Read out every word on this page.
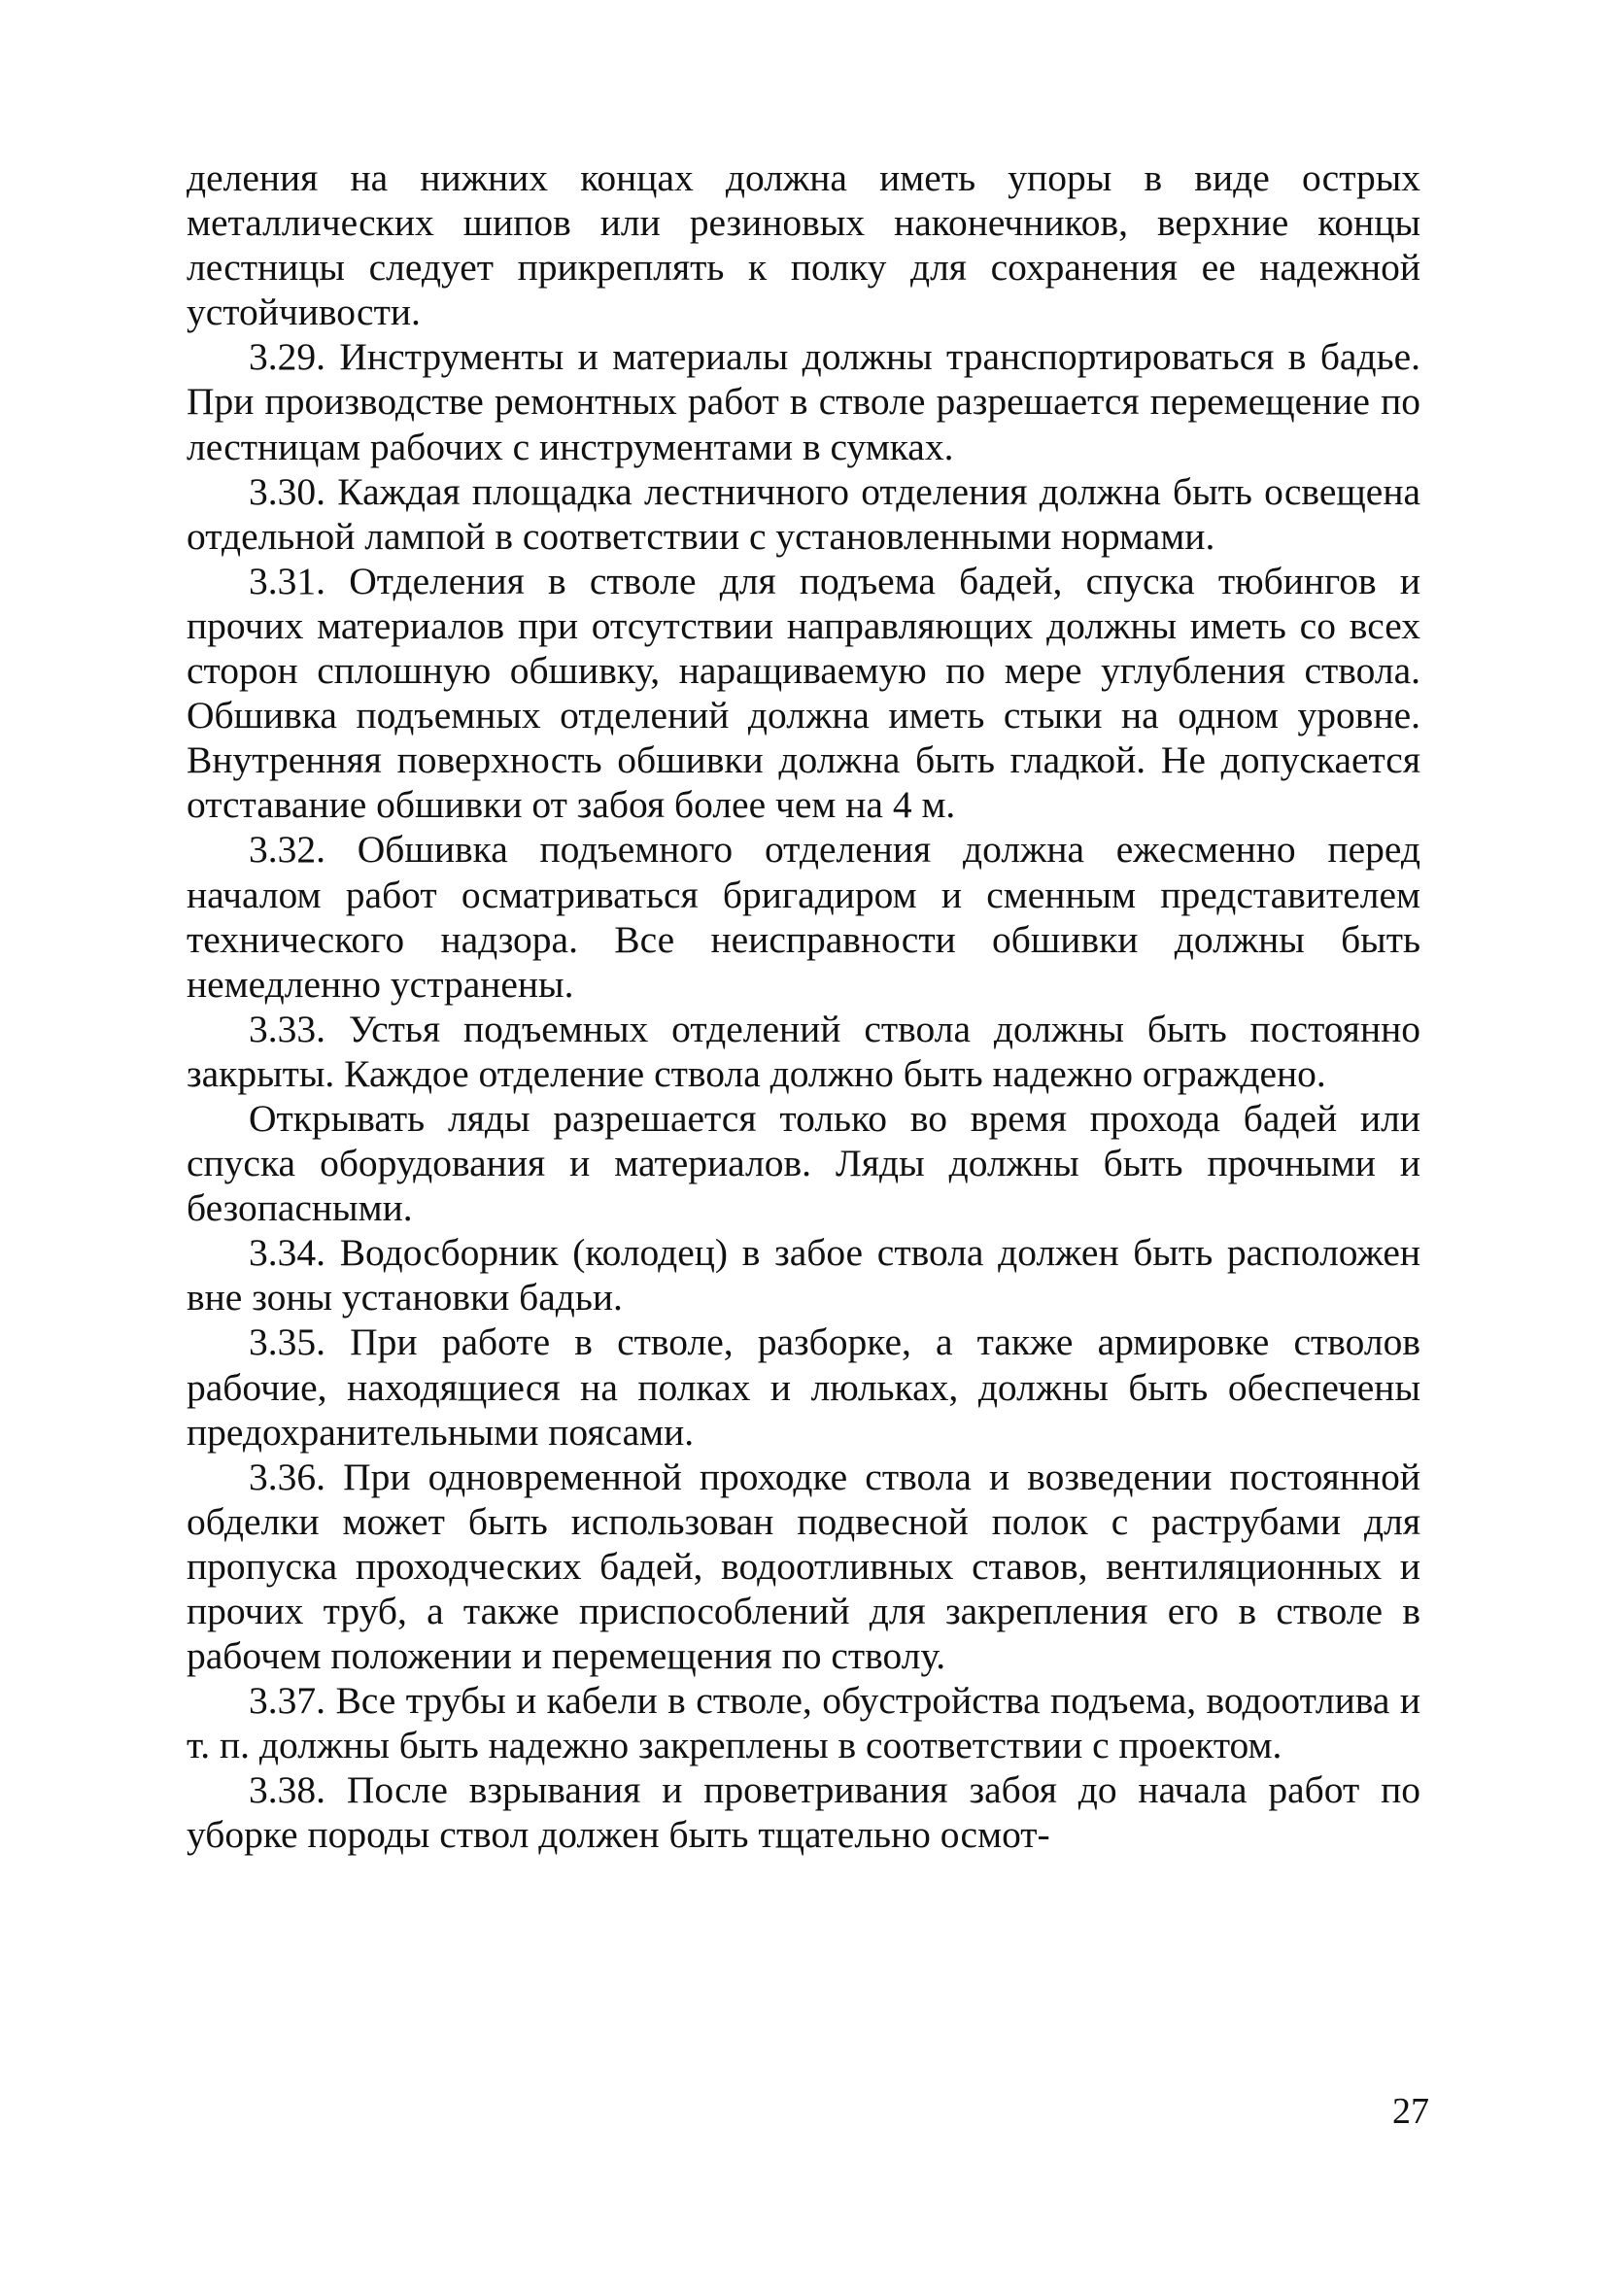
деления на нижних концах должна иметь упоры в виде острых металлических шипов или резиновых наконечников, верхние концы лестницы следует прикреплять к полку для сохранения ее надежной устойчивости.

3.29. Инструменты и материалы должны транспортироваться в бадье. При производстве ремонтных работ в стволе разрешается перемещение по лестницам рабочих с инструментами в сумках.

3.30. Каждая площадка лестничного отделения должна быть освещена отдельной лампой в соответствии с установленными нормами.

3.31. Отделения в стволе для подъема бадей, спуска тюбингов и прочих материалов при отсутствии направляющих должны иметь со всех сторон сплошную обшивку, наращиваемую по мере углубления ствола. Обшивка подъемных отделений должна иметь стыки на одном уровне. Внутренняя поверхность обшивки должна быть гладкой. Не допускается отставание обшивки от забоя более чем на 4 м.

3.32. Обшивка подъемного отделения должна ежесменно перед началом работ осматриваться бригадиром и сменным представителем технического надзора. Все неисправности обшивки должны быть немедленно устранены.

3.33. Устья подъемных отделений ствола должны быть постоянно закрыты. Каждое отделение ствола должно быть надежно ограждено.

Открывать ляды разрешается только во время прохода бадей или спуска оборудования и материалов. Ляды должны быть прочными и безопасными.

3.34. Водосборник (колодец) в забое ствола должен быть расположен вне зоны установки бадьи.

3.35. При работе в стволе, разборке, а также армировке стволов рабочие, находящиеся на полках и люльках, должны быть обеспечены предохранительными поясами.

3.36. При одновременной проходке ствола и возведении постоянной обделки может быть использован подвесной полок с раструбами для пропуска проходческих бадей, водоотливных ставов, вентиляционных и прочих труб, а также приспособлений для закрепления его в стволе в рабочем положении и перемещения по стволу.

3.37. Все трубы и кабели в стволе, обустройства подъема, водоотлива и т. п. должны быть надежно закреплены в соответствии с проектом.

3.38. После взрывания и проветривания забоя до начала работ по уборке породы ствол должен быть тщательно осмот-

27
